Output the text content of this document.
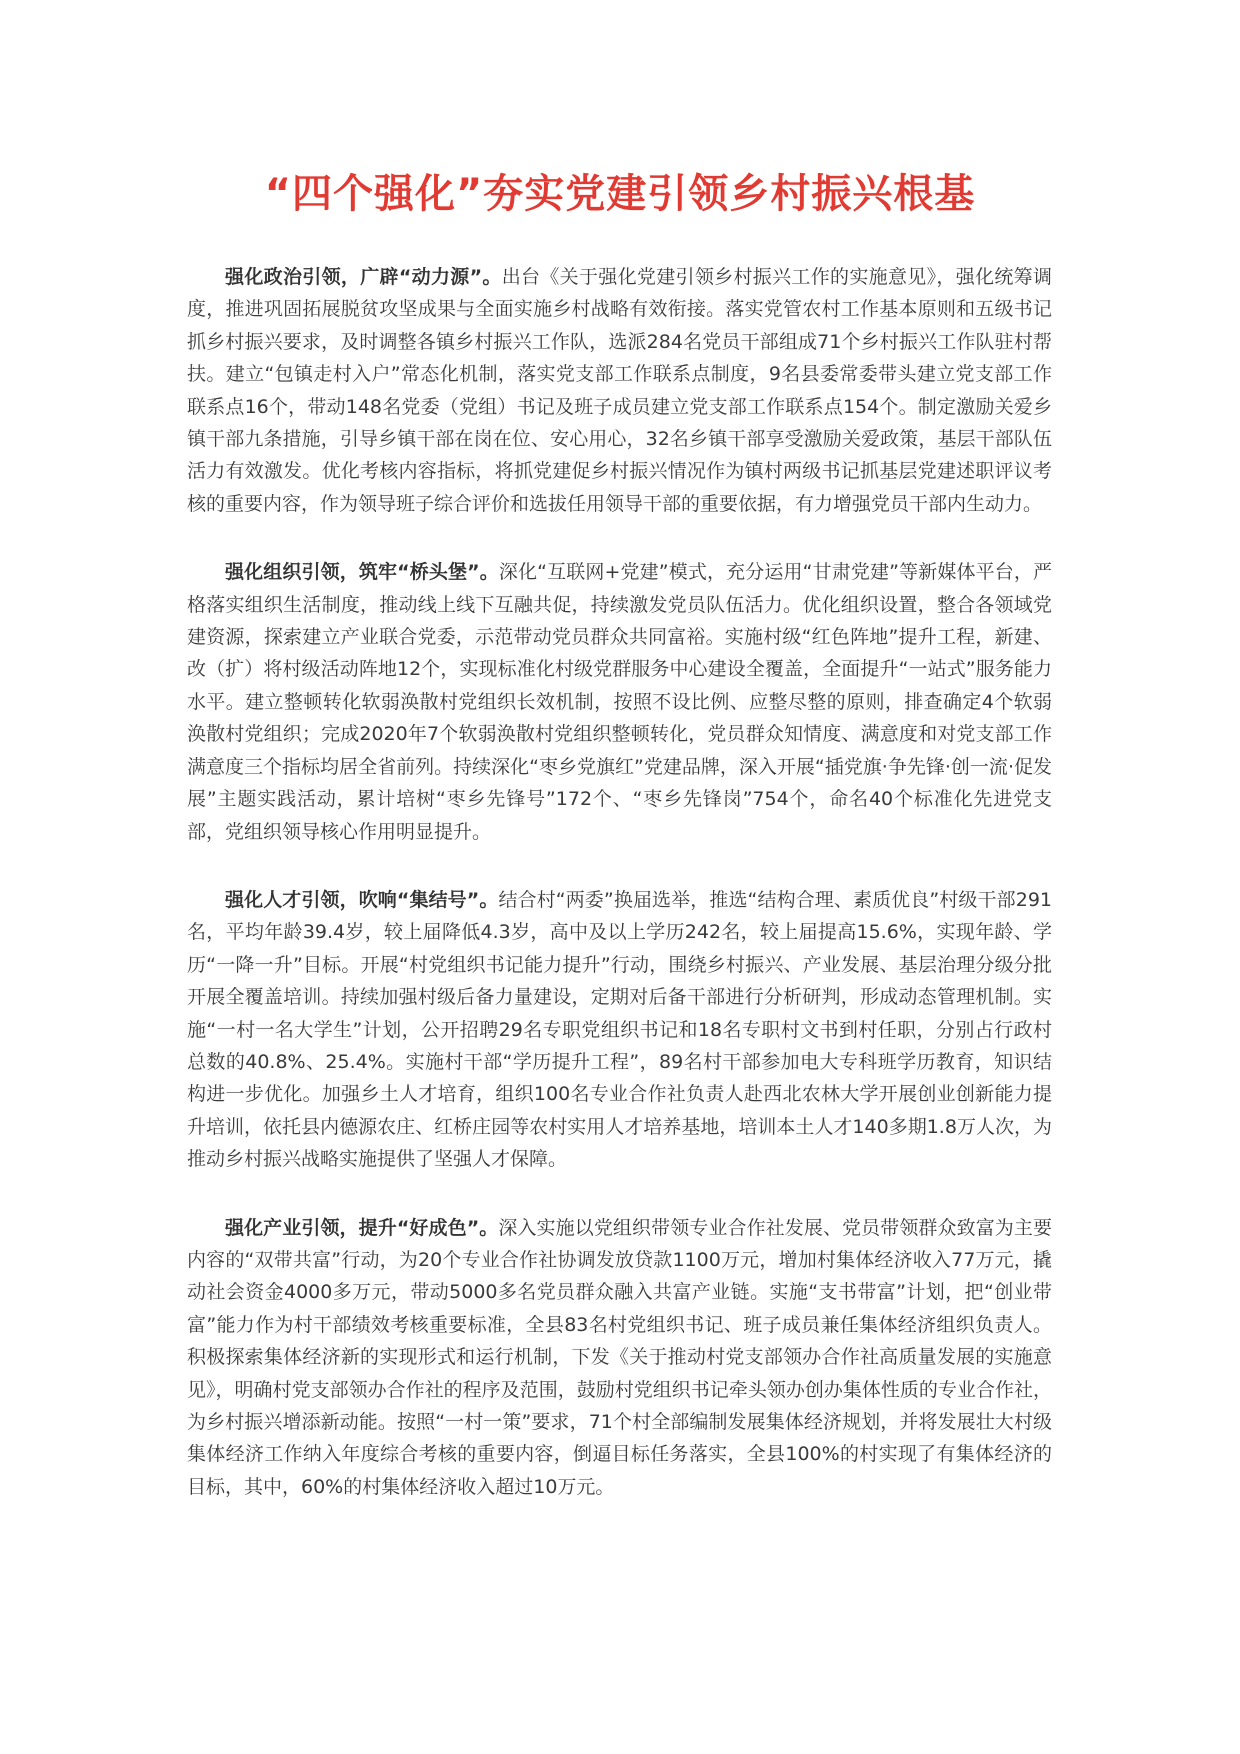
“四个强化”夯实党建引领乡村振兴根基

强化政治引领，广辟“动力源”。出台《关于强化党建引领乡村振兴工作的实施意见》，强化统筹调度，推进巩固拓展脱贫攻坚成果与全面实施乡村战略有效衔接。落实党管农村工作基本原则和五级书记抓乡村振兴要求，及时调整各镇乡村振兴工作队，选派284名党员干部组成71个乡村振兴工作队驻村帮扶。建立“包镇走村入户”常态化机制，落实党支部工作联系点制度，9名县委常委带头建立党支部工作联系点16个，带动148名党委（党组）书记及班子成员建立党支部工作联系点154个。制定激励关爱乡镇干部九条措施，引导乡镇干部在岗在位、安心用心，32名乡镇干部享受激励关爱政策，基层干部队伍活力有效激发。优化考核内容指标，将抓党建促乡村振兴情况作为镇村两级书记抓基层党建述职评议考核的重要内容，作为领导班子综合评价和选拔任用领导干部的重要依据，有力增强党员干部内生动力。

强化组织引领，筑牢“桥头堡”。深化“互联网+党建”模式，充分运用“甘肃党建”等新媒体平台，严格落实组织生活制度，推动线上线下互融共促，持续激发党员队伍活力。优化组织设置，整合各领域党建资源，探索建立产业联合党委，示范带动党员群众共同富裕。实施村级“红色阵地”提升工程，新建、改（扩）将村级活动阵地12个，实现标准化村级党群服务中心建设全覆盖，全面提升“一站式”服务能力水平。建立整顿转化软弱涣散村党组织长效机制，按照不设比例、应整尽整的原则，排查确定4个软弱涣散村党组织；完成2020年7个软弱涣散村党组织整顿转化，党员群众知情度、满意度和对党支部工作满意度三个指标均居全省前列。持续深化“枣乡党旗红”党建品牌，深入开展“插党旗·争先锋·创一流·促发展”主题实践活动，累计培树“枣乡先锋号”172个、“枣乡先锋岗”754个，命名40个标准化先进党支部，党组织领导核心作用明显提升。

强化人才引领，吹响“集结号”。结合村“两委”换届选举，推选“结构合理、素质优良”村级干部291名，平均年龄39.4岁，较上届降低4.3岁，高中及以上学历242名，较上届提高15.6%，实现年龄、学历“一降一升”目标。开展“村党组织书记能力提升”行动，围绕乡村振兴、产业发展、基层治理分级分批开展全覆盖培训。持续加强村级后备力量建设，定期对后备干部进行分析研判，形成动态管理机制。实施“一村一名大学生”计划，公开招聘29名专职党组织书记和18名专职村文书到村任职，分别占行政村总数的40.8%、25.4%。实施村干部“学历提升工程”，89名村干部参加电大专科班学历教育，知识结构进一步优化。加强乡土人才培育，组织100名专业合作社负责人赴西北农林大学开展创业创新能力提升培训，依托县内德源农庄、红桥庄园等农村实用人才培养基地，培训本土人才140多期1.8万人次，为推动乡村振兴战略实施提供了坚强人才保障。

强化产业引领，提升“好成色”。深入实施以党组织带领专业合作社发展、党员带领群众致富为主要内容的“双带共富”行动，为20个专业合作社协调发放贷款1100万元，增加村集体经济收入77万元，撬动社会资金4000多万元，带动5000多名党员群众融入共富产业链。实施“支书带富”计划，把“创业带富”能力作为村干部绩效考核重要标准，全县83名村党组织书记、班子成员兼任集体经济组织负责人。积极探索集体经济新的实现形式和运行机制，下发《关于推动村党支部领办合作社高质量发展的实施意见》，明确村党支部领办合作社的程序及范围，鼓励村党组织书记牵头领办创办集体性质的专业合作社，为乡村振兴增添新动能。按照“一村一策”要求，71个村全部编制发展集体经济规划，并将发展壮大村级集体经济工作纳入年度综合考核的重要内容，倒逼目标任务落实，全县100%的村实现了有集体经济的目标，其中，60%的村集体经济收入超过10万元。
